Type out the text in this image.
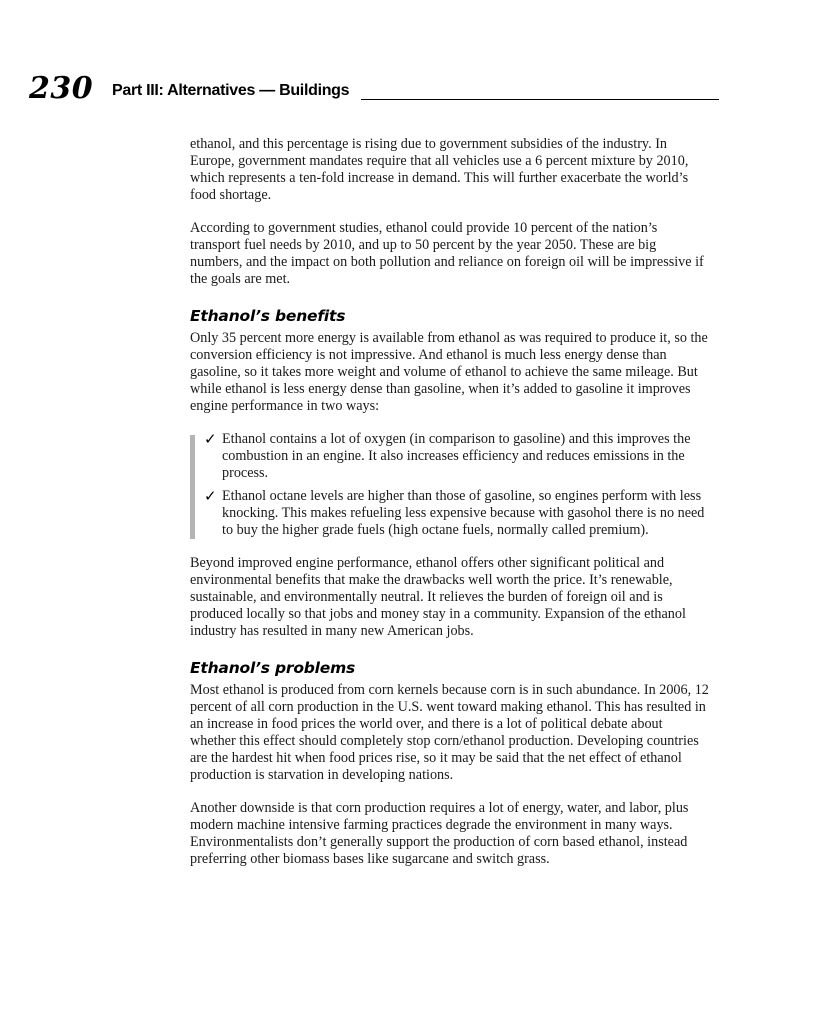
230 Part III: Alternatives — Buildings

ethanol, and this percentage is rising due to government subsidies of the industry. In Europe, government mandates require that all vehicles use a 6 percent mixture by 2010, which represents a ten-fold increase in demand. This will further exacerbate the world’s food shortage.

According to government studies, ethanol could provide 10 percent of the nation’s transport fuel needs by 2010, and up to 50 percent by the year 2050. These are big numbers, and the impact on both pollution and reliance on foreign oil will be impressive if the goals are met.

Ethanol’s benefits

Only 35 percent more energy is available from ethanol as was required to produce it, so the conversion efficiency is not impressive. And ethanol is much less energy dense than gasoline, so it takes more weight and volume of ethanol to achieve the same mileage. But while ethanol is less energy dense than gasoline, when it’s added to gasoline it improves engine performance in two ways:

✓ Ethanol contains a lot of oxygen (in comparison to gasoline) and this improves the combustion in an engine. It also increases efficiency and reduces emissions in the process.
✓ Ethanol octane levels are higher than those of gasoline, so engines perform with less knocking. This makes refueling less expensive because with gasohol there is no need to buy the higher grade fuels (high octane fuels, normally called premium).

Beyond improved engine performance, ethanol offers other significant political and environmental benefits that make the drawbacks well worth the price. It’s renewable, sustainable, and environmentally neutral. It relieves the burden of foreign oil and is produced locally so that jobs and money stay in a community. Expansion of the ethanol industry has resulted in many new American jobs.

Ethanol’s problems

Most ethanol is produced from corn kernels because corn is in such abundance. In 2006, 12 percent of all corn production in the U.S. went toward making ethanol. This has resulted in an increase in food prices the world over, and there is a lot of political debate about whether this effect should completely stop corn/ethanol production. Developing countries are the hardest hit when food prices rise, so it may be said that the net effect of ethanol production is starvation in developing nations.

Another downside is that corn production requires a lot of energy, water, and labor, plus modern machine intensive farming practices degrade the environment in many ways. Environmentalists don’t generally support the production of corn based ethanol, instead preferring other biomass bases like sugarcane and switch grass.
